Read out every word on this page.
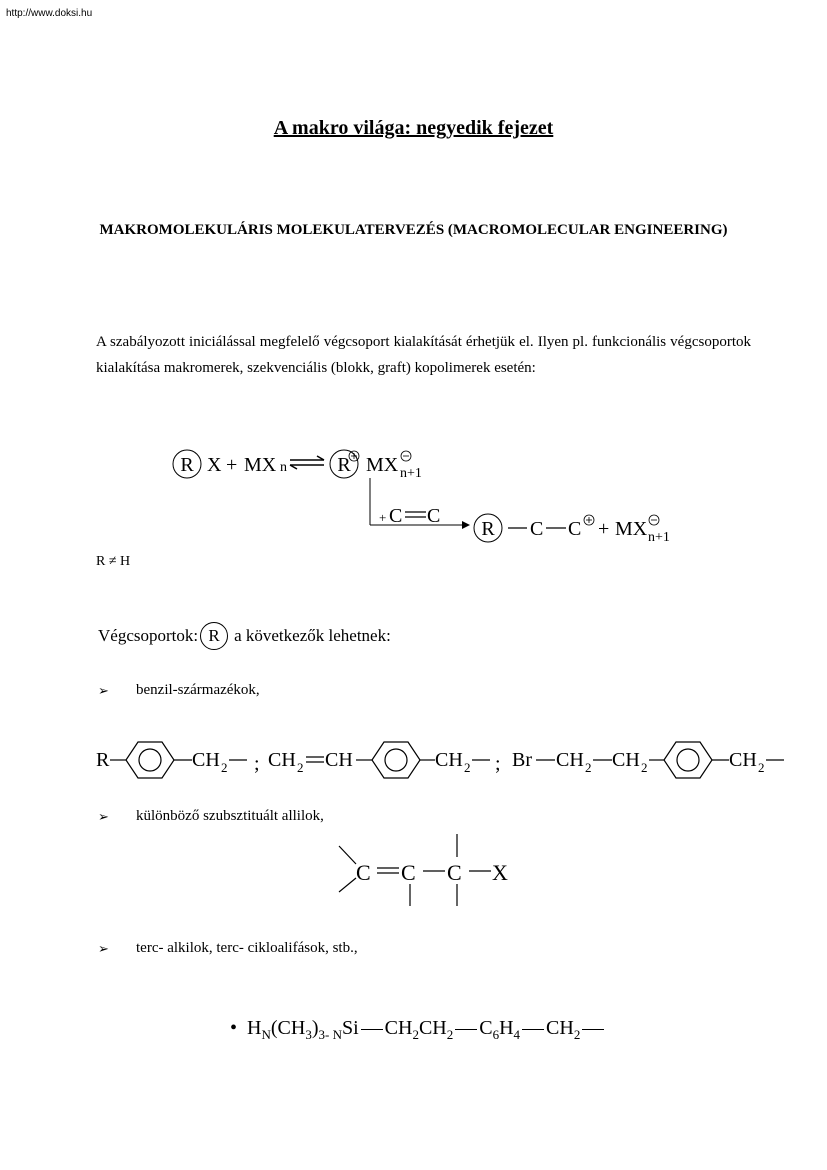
http://www.doksi.hu
A makro világa: negyedik fejezet
MAKROMOLEKULÁRIS MOLEKULATERVEZÉS (MACROMOLECULAR ENGINEERING)
A szabályozott iniciálással megfelelő végcsoport kialakítását érhetjük el. Ilyen pl. funkcionális végcsoportok kialakítása makromerek, szekvenciális (blokk, graft) kopolimerek esetén:
R X + MX n	R MX n+1
+ C C
R C C + MX n+1
R ≠ H
Végcsoportok: R a következők lehetnek:
➢ benzil-származékok,
R	CH 2 ; CH 2 CH	CH 2 ; Br CH 2 CH 2	CH 2
➢ különböző szubsztituált allilok,
C C C X
➢ terc- alkilok, terc- cikloalifások, stb.,
• $H_N(CH_3)_{3- N}Si$ $CH_2CH_2$ $C_6H_4$ $CH_2$
